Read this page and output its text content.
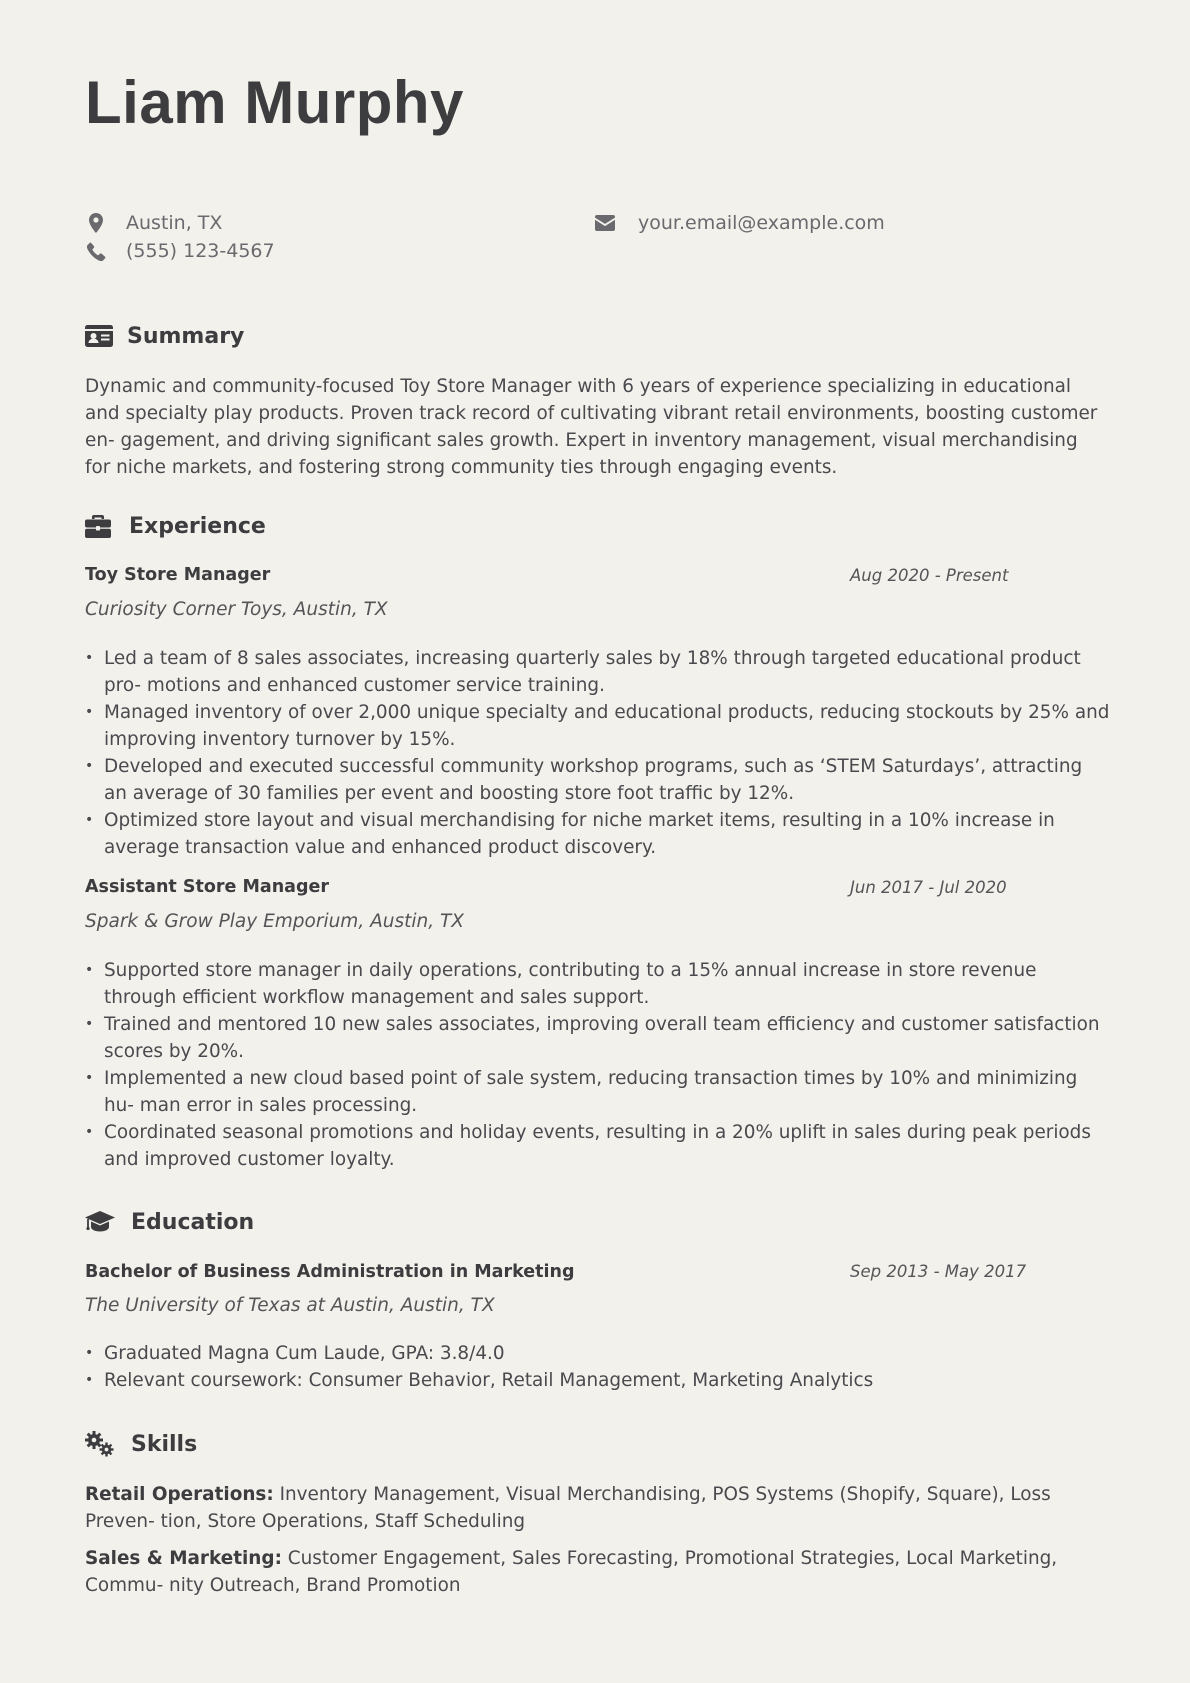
Liam Murphy
Austin, TX
(555) 123-4567
your.email@example.com
Summary

Dynamic and community-focused Toy Store Manager with 6 years of experience specializing in educational and specialty play products. Proven track record of cultivating vibrant retail environments, boosting customer en- gagement, and driving significant sales growth. Expert in inventory management, visual merchandising for niche markets, and fostering strong community ties through engaging events.

Experience
Toy Store Manager	Aug 2020 - Present
Curiosity Corner Toys, Austin, TX
• Led a team of 8 sales associates, increasing quarterly sales by 18% through targeted educational product pro- motions and enhanced customer service training.
• Managed inventory of over 2,000 unique specialty and educational products, reducing stockouts by 25% and improving inventory turnover by 15%.
• Developed and executed successful community workshop programs, such as ‘STEM Saturdays’, attracting an average of 30 families per event and boosting store foot traffic by 12%.
• Optimized store layout and visual merchandising for niche market items, resulting in a 10% increase in average transaction value and enhanced product discovery.
Assistant Store Manager	Jun 2017 - Jul 2020
Spark & Grow Play Emporium, Austin, TX
• Supported store manager in daily operations, contributing to a 15% annual increase in store revenue through efficient workflow management and sales support.
• Trained and mentored 10 new sales associates, improving overall team efficiency and customer satisfaction scores by 20%.
• Implemented a new cloud based point of sale system, reducing transaction times by 10% and minimizing hu- man error in sales processing.
• Coordinated seasonal promotions and holiday events, resulting in a 20% uplift in sales during peak periods and improved customer loyalty.
Education
Bachelor of Business Administration in Marketing	Sep 2013 - May 2017
The University of Texas at Austin, Austin, TX
• Graduated Magna Cum Laude, GPA: 3.8/4.0
• Relevant coursework: Consumer Behavior, Retail Management, Marketing Analytics
Skills

Retail Operations: Inventory Management, Visual Merchandising, POS Systems (Shopify, Square), Loss Preven- tion, Store Operations, Staff Scheduling

Sales & Marketing: Customer Engagement, Sales Forecasting, Promotional Strategies, Local Marketing, Commu- nity Outreach, Brand Promotion
